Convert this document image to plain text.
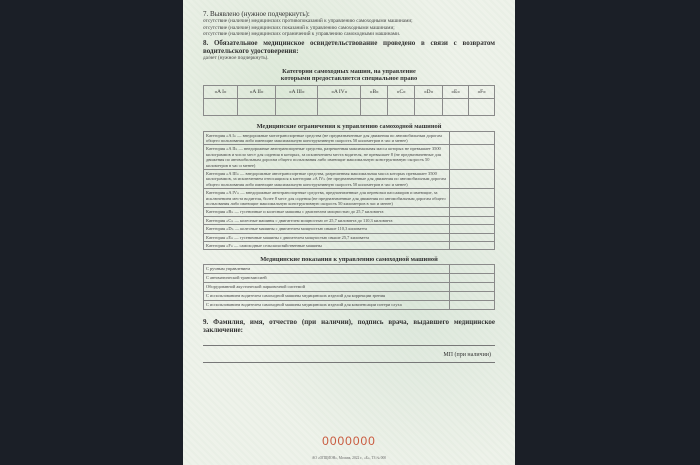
7. Выявлено (нужное подчеркнуть):
отсутствие (наличие) медицинских противопоказаний к управлению самоходными машинами;
отсутствие (наличие) медицинских показаний к управлению самоходными машинами;
отсутствие (наличие) медицинских ограничений к управлению самоходными машинами.
8. Обязательное медицинское освидетельствование проведено в связи с возвратом водительского удостоверения:
да/нет (нужное подчеркнуть).
Категории самоходных машин, на управление
которыми предоставляется специальное право
«A I»	«A II»	«A III»	«A IV»	«B»	«C»	«D»	«E»	«F»

Медицинские ограничения к управлению самоходной машиной
Категория «A I» — внедорожные мототранспортные средства (не предназначенные для движения по автомобильным дорогам общего пользования либо имеющие максимальную конструктивную скорость 50 километров в час и менее)	
Категория «A II» — внедорожные автотранспортные средства, разрешенная максимальная масса которых не превышает 3500 килограммов и число мест для сидения в которых, за исключением места водителя, не превышает 8 (не предназначенные для движения по автомобильным дорогам общего пользования либо имеющие максимальную конструктивную скорость 50 километров в час и менее)	
Категория «A III» — внедорожные автотранспортные средства, разрешенная максимальная масса которых превышает 3500 килограммов, за исключением относящихся к категории «A IV» (не предназначенные для движения по автомобильным дорогам общего пользования либо имеющие максимальную конструктивную скорость 50 километров в час и менее)	
Категория «A IV» — внедорожные автотранспортные средства, предназначенные для перевозки пассажиров и имеющие, за исключением места водителя, более 8 мест для сидения (не предназначенные для движения по автомобильным дорогам общего пользования либо имеющие максимальную конструктивную скорость 50 километров в час и менее)	
Категория «B» — гусеничные и колесные машины с двигателем мощностью до 25,7 киловатта	
Категория «C» — колесные машины с двигателем мощностью от 25,7 киловатта до 110,3 киловатта	
Категория «D» — колесные машины с двигателем мощностью свыше 110,3 киловатта	
Категория «E» — гусеничные машины с двигателем мощностью свыше 25,7 киловатта	
Категория «F» — самоходные сельскохозяйственные машины	
Медицинские показания к управлению самоходной машиной
С ручным управлением	
С автоматической трансмиссией	
Оборудованной акустической парковочной системой	
С использованием водителем самоходной машины медицинских изделий для коррекции зрения	
С использованием водителем самоходной машины медицинских изделий для компенсации потери слуха	
9. Фамилия, имя, отчество (при наличии), подпись врача, выдавшего медицинское заключение:
МП (при наличии)
0000000
АО «ОПЦИОН», Москва, 2022 г., «Б», ТЗ № 000
